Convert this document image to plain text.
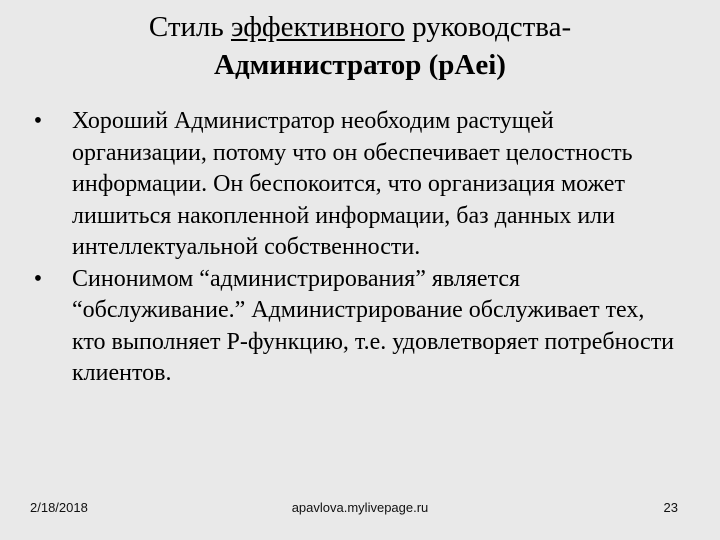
Стиль эффективного руководства-
Администратор (pAei)
• Хороший Администратор необходим растущей организации, потому что он обеспечивает целостность информации. Он беспокоится, что организация может лишиться накопленной информации, баз данных или интеллектуальной собственности.
• Синонимом “администрирования” является “обслуживание.” Администрирование обслуживает тех, кто выполняет P-функцию, т.е. удовлетворяет потребности клиентов.
2/18/2018	apavlova.mylivepage.ru	23
